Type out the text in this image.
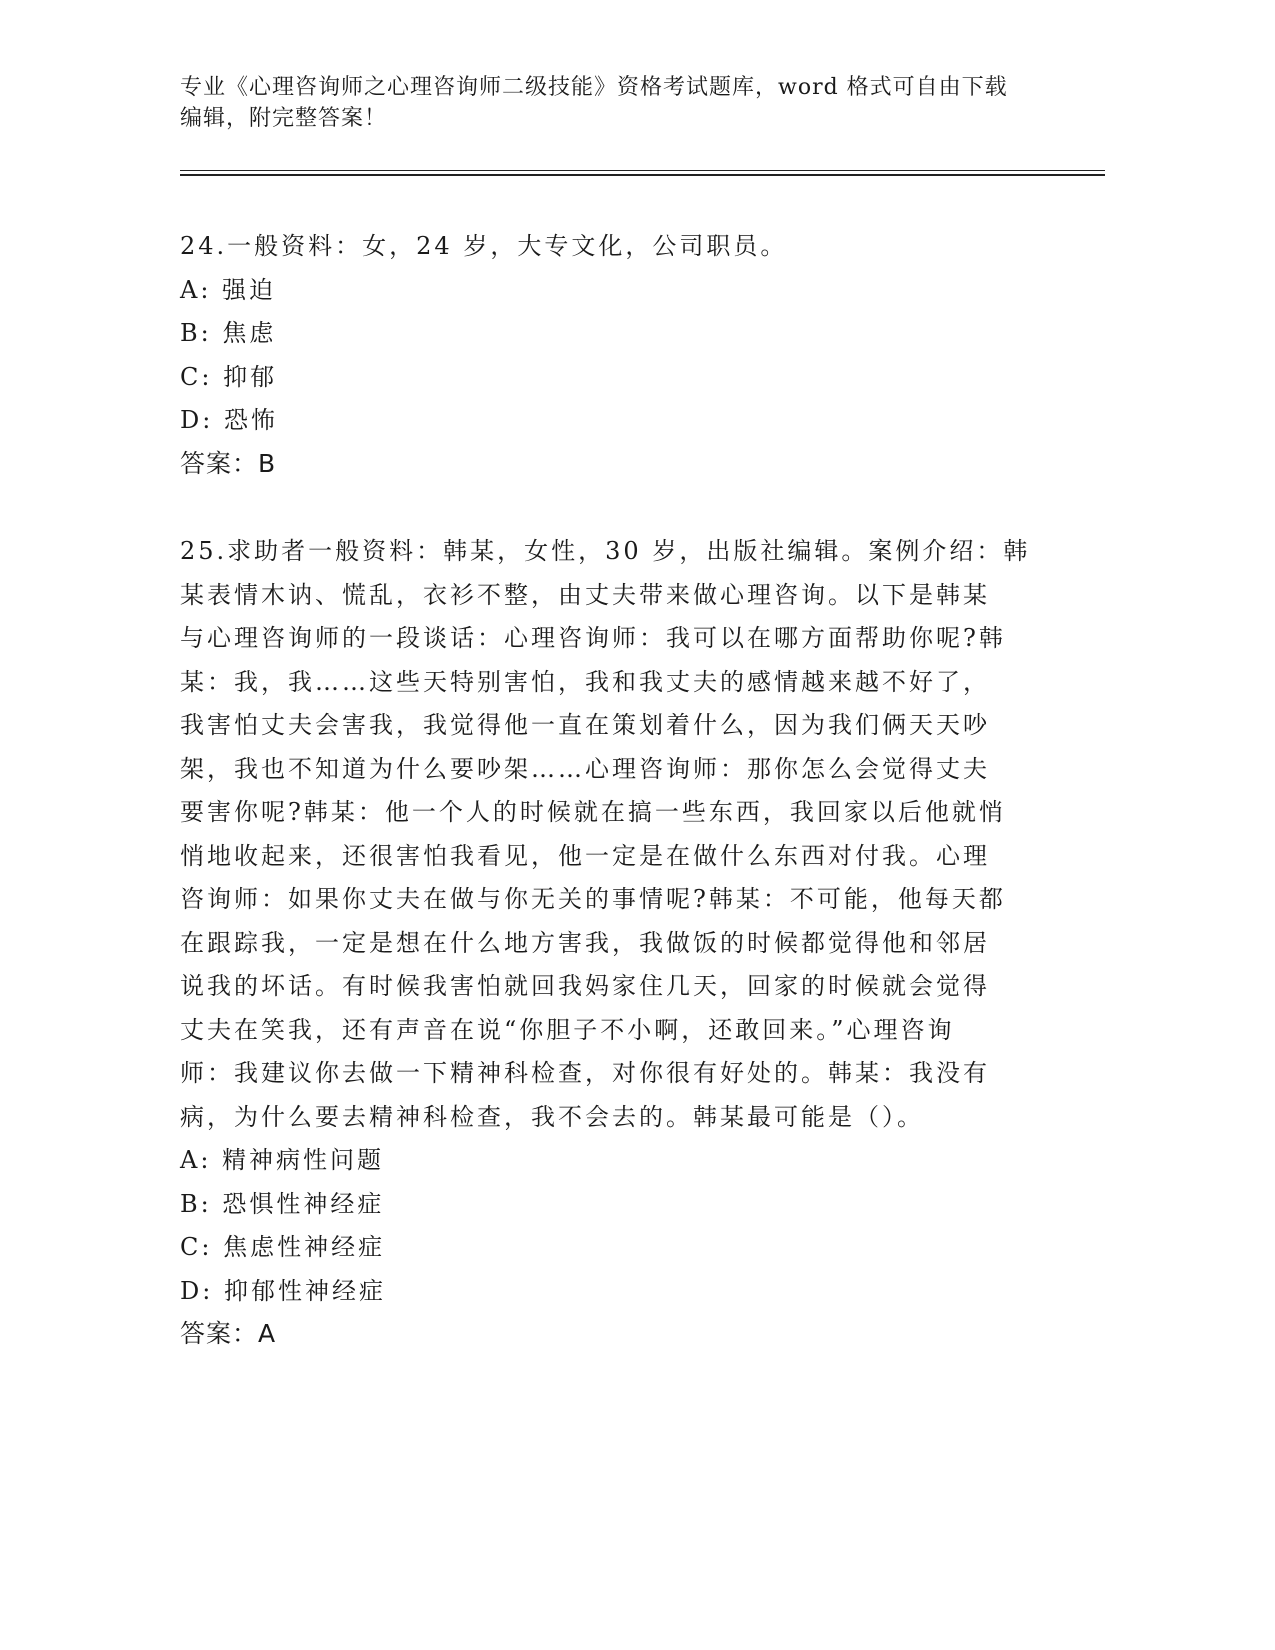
专业《心理咨询师之心理咨询师二级技能》资格考试题库，word 格式可自由下载
编辑，附完整答案！
24.一般资料：女，24 岁，大专文化，公司职员。
A: 强迫
B: 焦虑
C: 抑郁
D: 恐怖
答案：B
25.求助者一般资料：韩某，女性，30 岁，出版社编辑。案例介绍：韩
某表情木讷、慌乱，衣衫不整，由丈夫带来做心理咨询。以下是韩某
与心理咨询师的一段谈话：心理咨询师：我可以在哪方面帮助你呢?韩
某：我，我……这些天特别害怕，我和我丈夫的感情越来越不好了，
我害怕丈夫会害我，我觉得他一直在策划着什么，因为我们俩天天吵
架，我也不知道为什么要吵架……心理咨询师：那你怎么会觉得丈夫
要害你呢?韩某：他一个人的时候就在搞一些东西，我回家以后他就悄
悄地收起来，还很害怕我看见，他一定是在做什么东西对付我。心理
咨询师：如果你丈夫在做与你无关的事情呢?韩某：不可能，他每天都
在跟踪我，一定是想在什么地方害我，我做饭的时候都觉得他和邻居
说我的坏话。有时候我害怕就回我妈家住几天，回家的时候就会觉得
丈夫在笑我，还有声音在说“你胆子不小啊，还敢回来。”心理咨询
师：我建议你去做一下精神科检查，对你很有好处的。韩某：我没有
病，为什么要去精神科检查，我不会去的。韩某最可能是（）。
A: 精神病性问题
B: 恐惧性神经症
C: 焦虑性神经症
D: 抑郁性神经症
答案：A
